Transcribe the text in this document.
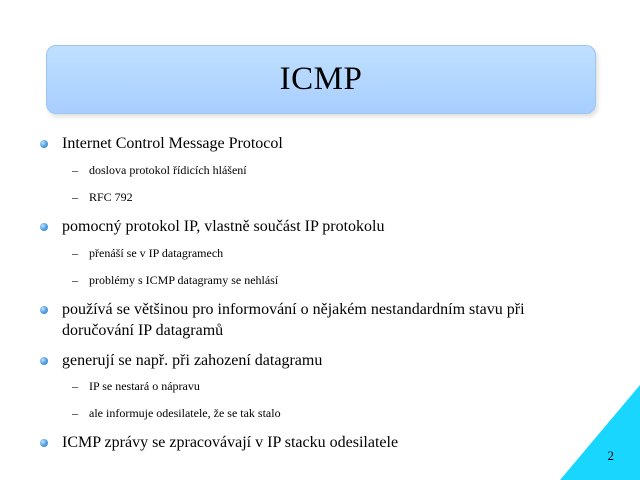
ICMP
Internet Control Message Protocol
– doslova protokol řídicích hlášení
– RFC 792
pomocný protokol IP, vlastně součást IP protokolu
– přenáší se v IP datagramech
– problémy s ICMP datagramy se nehlásí
používá se většinou pro informování o nějakém nestandardním stavu při
doručování IP datagramů
generují se např. při zahození datagramu
– IP se nestará o nápravu
– ale informuje odesilatele, že se tak stalo
ICMP zprávy se zpracovávají v IP stacku odesilatele
2
